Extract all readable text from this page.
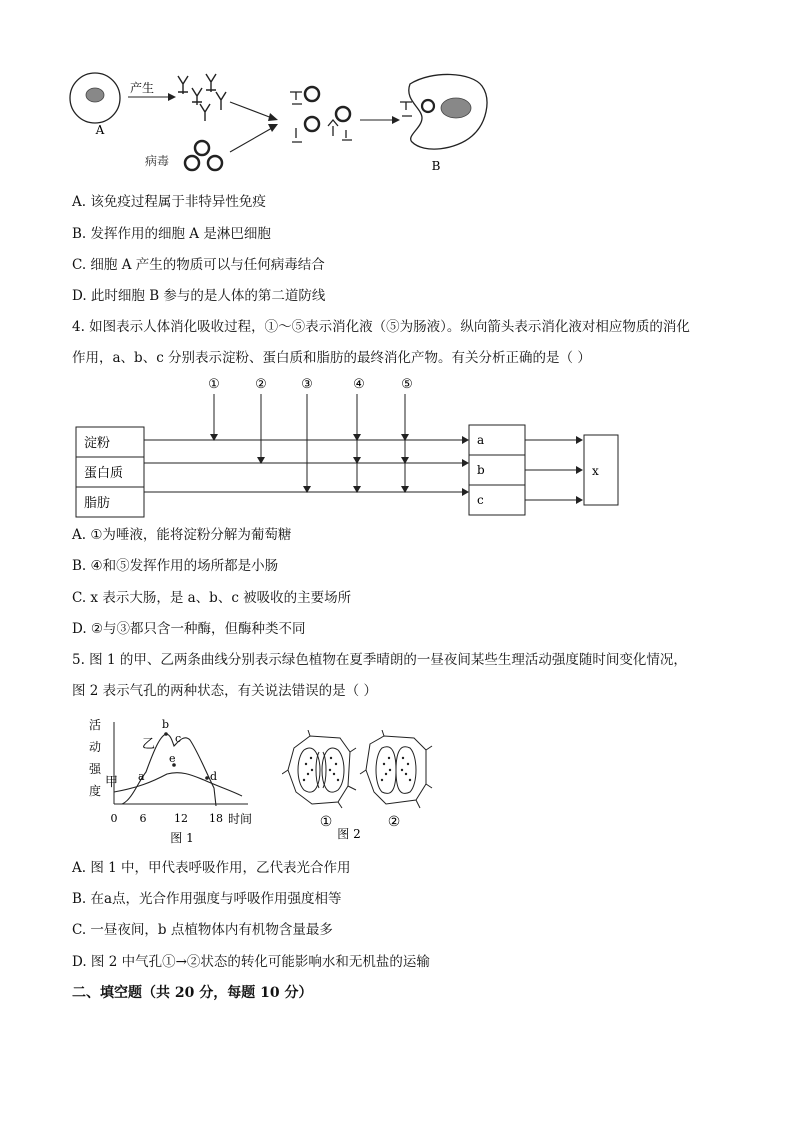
A
产生
病毒	B
A. 该免疫过程属于非特异性免疫
B. 发挥作用的细胞 A 是淋巴细胞
C. 细胞 A 产生的物质可以与任何病毒结合
D. 此时细胞 B 参与的是人体的第二道防线
4. 如图表示人体消化吸收过程，①～⑤表示消化液（⑤为肠液）。纵向箭头表示消化液对相应物质的消化
作用，a、b、c 分别表示淀粉、蛋白质和脂肪的最终消化产物。有关分析正确的是（ ）
①	②	③	④	⑤
淀粉
蛋白质
脂肪
a
b
c
x
A. ①为唾液，能将淀粉分解为葡萄糖
B. ④和⑤发挥作用的场所都是小肠
C. x 表示大肠，是 a、b、c 被吸收的主要场所
D. ②与③都只含一种酶，但酶种类不同
5. 图 1 的甲、乙两条曲线分别表示绿色植物在夏季晴朗的一昼夜间某些生理活动强度随时间变化情况，
图 2 表示气孔的两种状态，有关说法错误的是（ ）
活
动
强
度
甲
乙
a
b
c
d
e
0 6	12 18 时间
图 1
①	②
图 2
A. 图 1 中，甲代表呼吸作用，乙代表光合作用
B. 在a点，光合作用强度与呼吸作用强度相等
C. 一昼夜间，b 点植物体内有机物含量最多
D. 图 2 中气孔①→②状态的转化可能影响水和无机盐的运输
二、填空题（共 20 分，每题 10 分）
